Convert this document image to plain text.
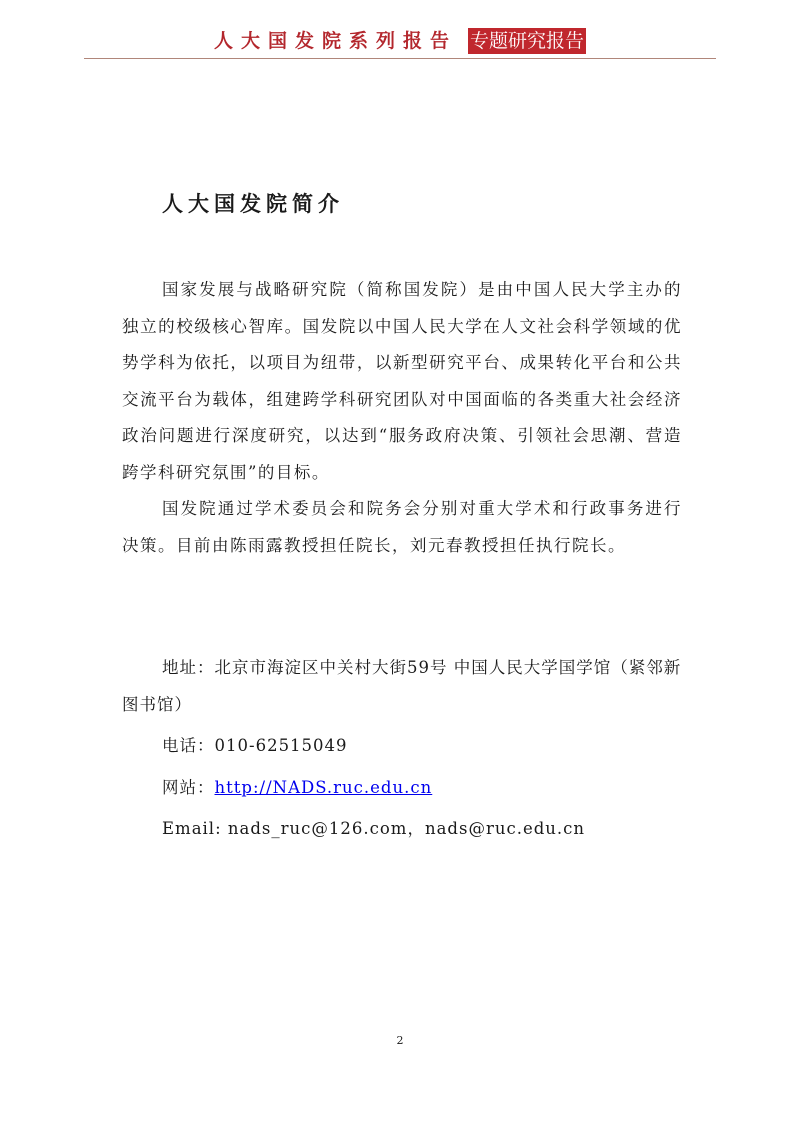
人大国发院系列报告 专题研究报告
人大国发院简介

国家发展与战略研究院（简称国发院）是由中国人民大学主办的独立的校级核心智库。国发院以中国人民大学在人文社会科学领域的优势学科为依托，以项目为纽带，以新型研究平台、成果转化平台和公共交流平台为载体，组建跨学科研究团队对中国面临的各类重大社会经济政治问题进行深度研究，以达到“服务政府决策、引领社会思潮、营造跨学科研究氛围”的目标。

国发院通过学术委员会和院务会分别对重大学术和行政事务进行决策。目前由陈雨露教授担任院长，刘元春教授担任执行院长。

地址：北京市海淀区中关村大街59号 中国人民大学国学馆（紧邻新图书馆）

电话：010-62515049

网站：http://NADS.ruc.edu.cn

Email: nads_ruc@126.com，nads@ruc.edu.cn

2
